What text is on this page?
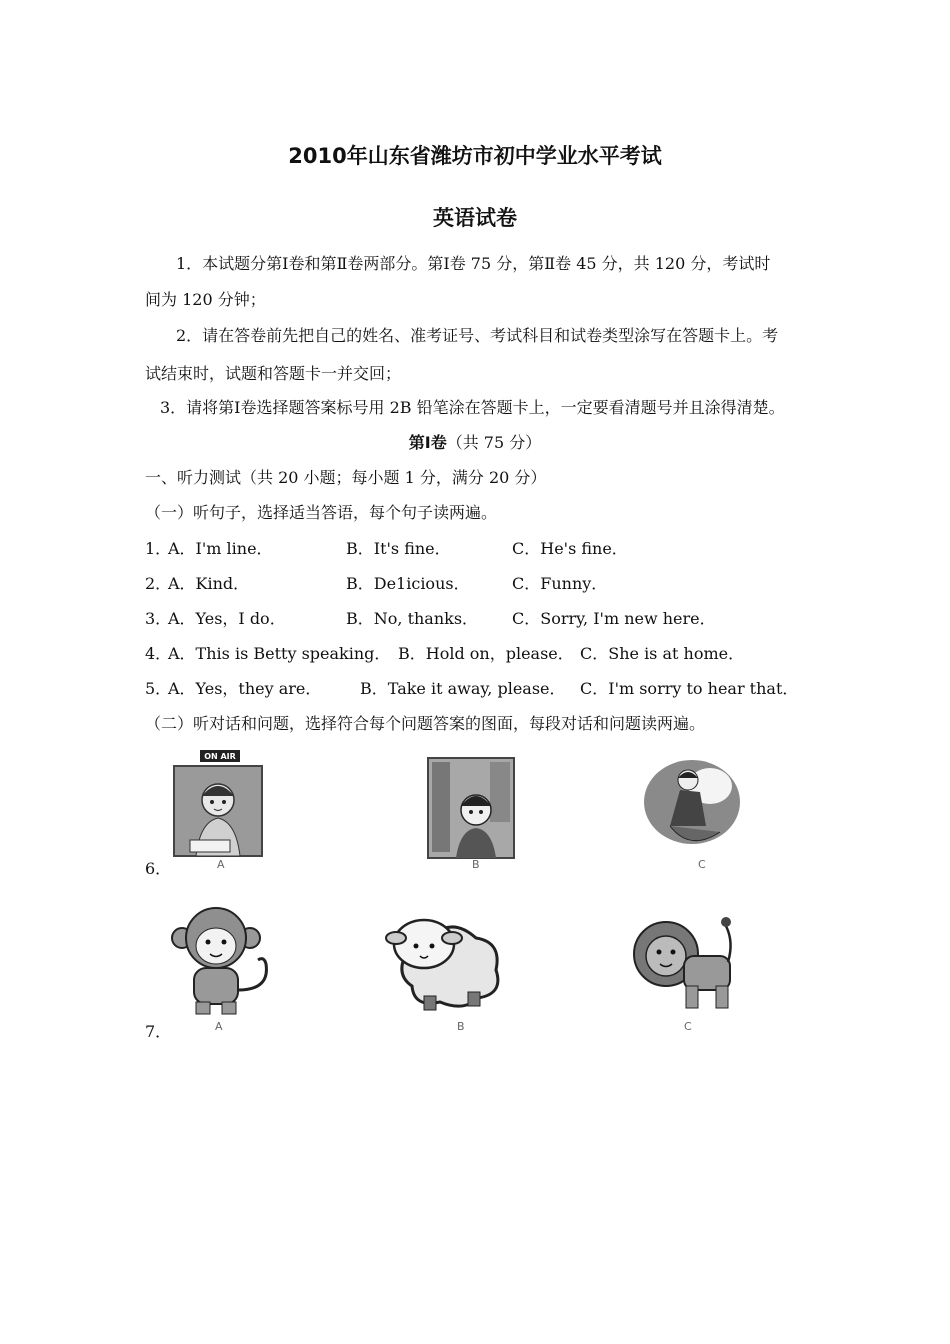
2010年山东省潍坊市初中学业水平考试
英语试卷
1．本试题分第Ⅰ卷和第Ⅱ卷两部分。第Ⅰ卷 75 分，第Ⅱ卷 45 分，共 120 分，考试时
间为 120 分钟；
2．请在答卷前先把自己的姓名、准考证号、考试科目和试卷类型涂写在答题卡上。考
试结束时，试题和答题卡一并交回；
3．请将第Ⅰ卷选择题答案标号用 2B 铅笔涂在答题卡上，一定要看清题号并且涂得清楚。
第Ⅰ卷（共 75 分）
一、听力测试（共 20 小题；每小题 1 分，满分 20 分）
（一）听句子，选择适当答语，每个句子读两遍。
1．
A．I'm line．	B．It's fine．	C．He's fine．
2．
A．Kind．	B．De1icious．	C．Funny．
3．
A．Yes，I do．	B．No, thanks． C．Sorry, I'm new here．
4．
A．This is Betty speaking． B．Hold on，please． C．She is at home．
5．
A．Yes，they are． B．Take it away, please． C．I'm sorry to hear that．
（二）听对话和问题，选择符合每个问题答案的图面，每段对话和问题读两遍。
6．
ON AIR
A	B	C
7．	A	B	C
